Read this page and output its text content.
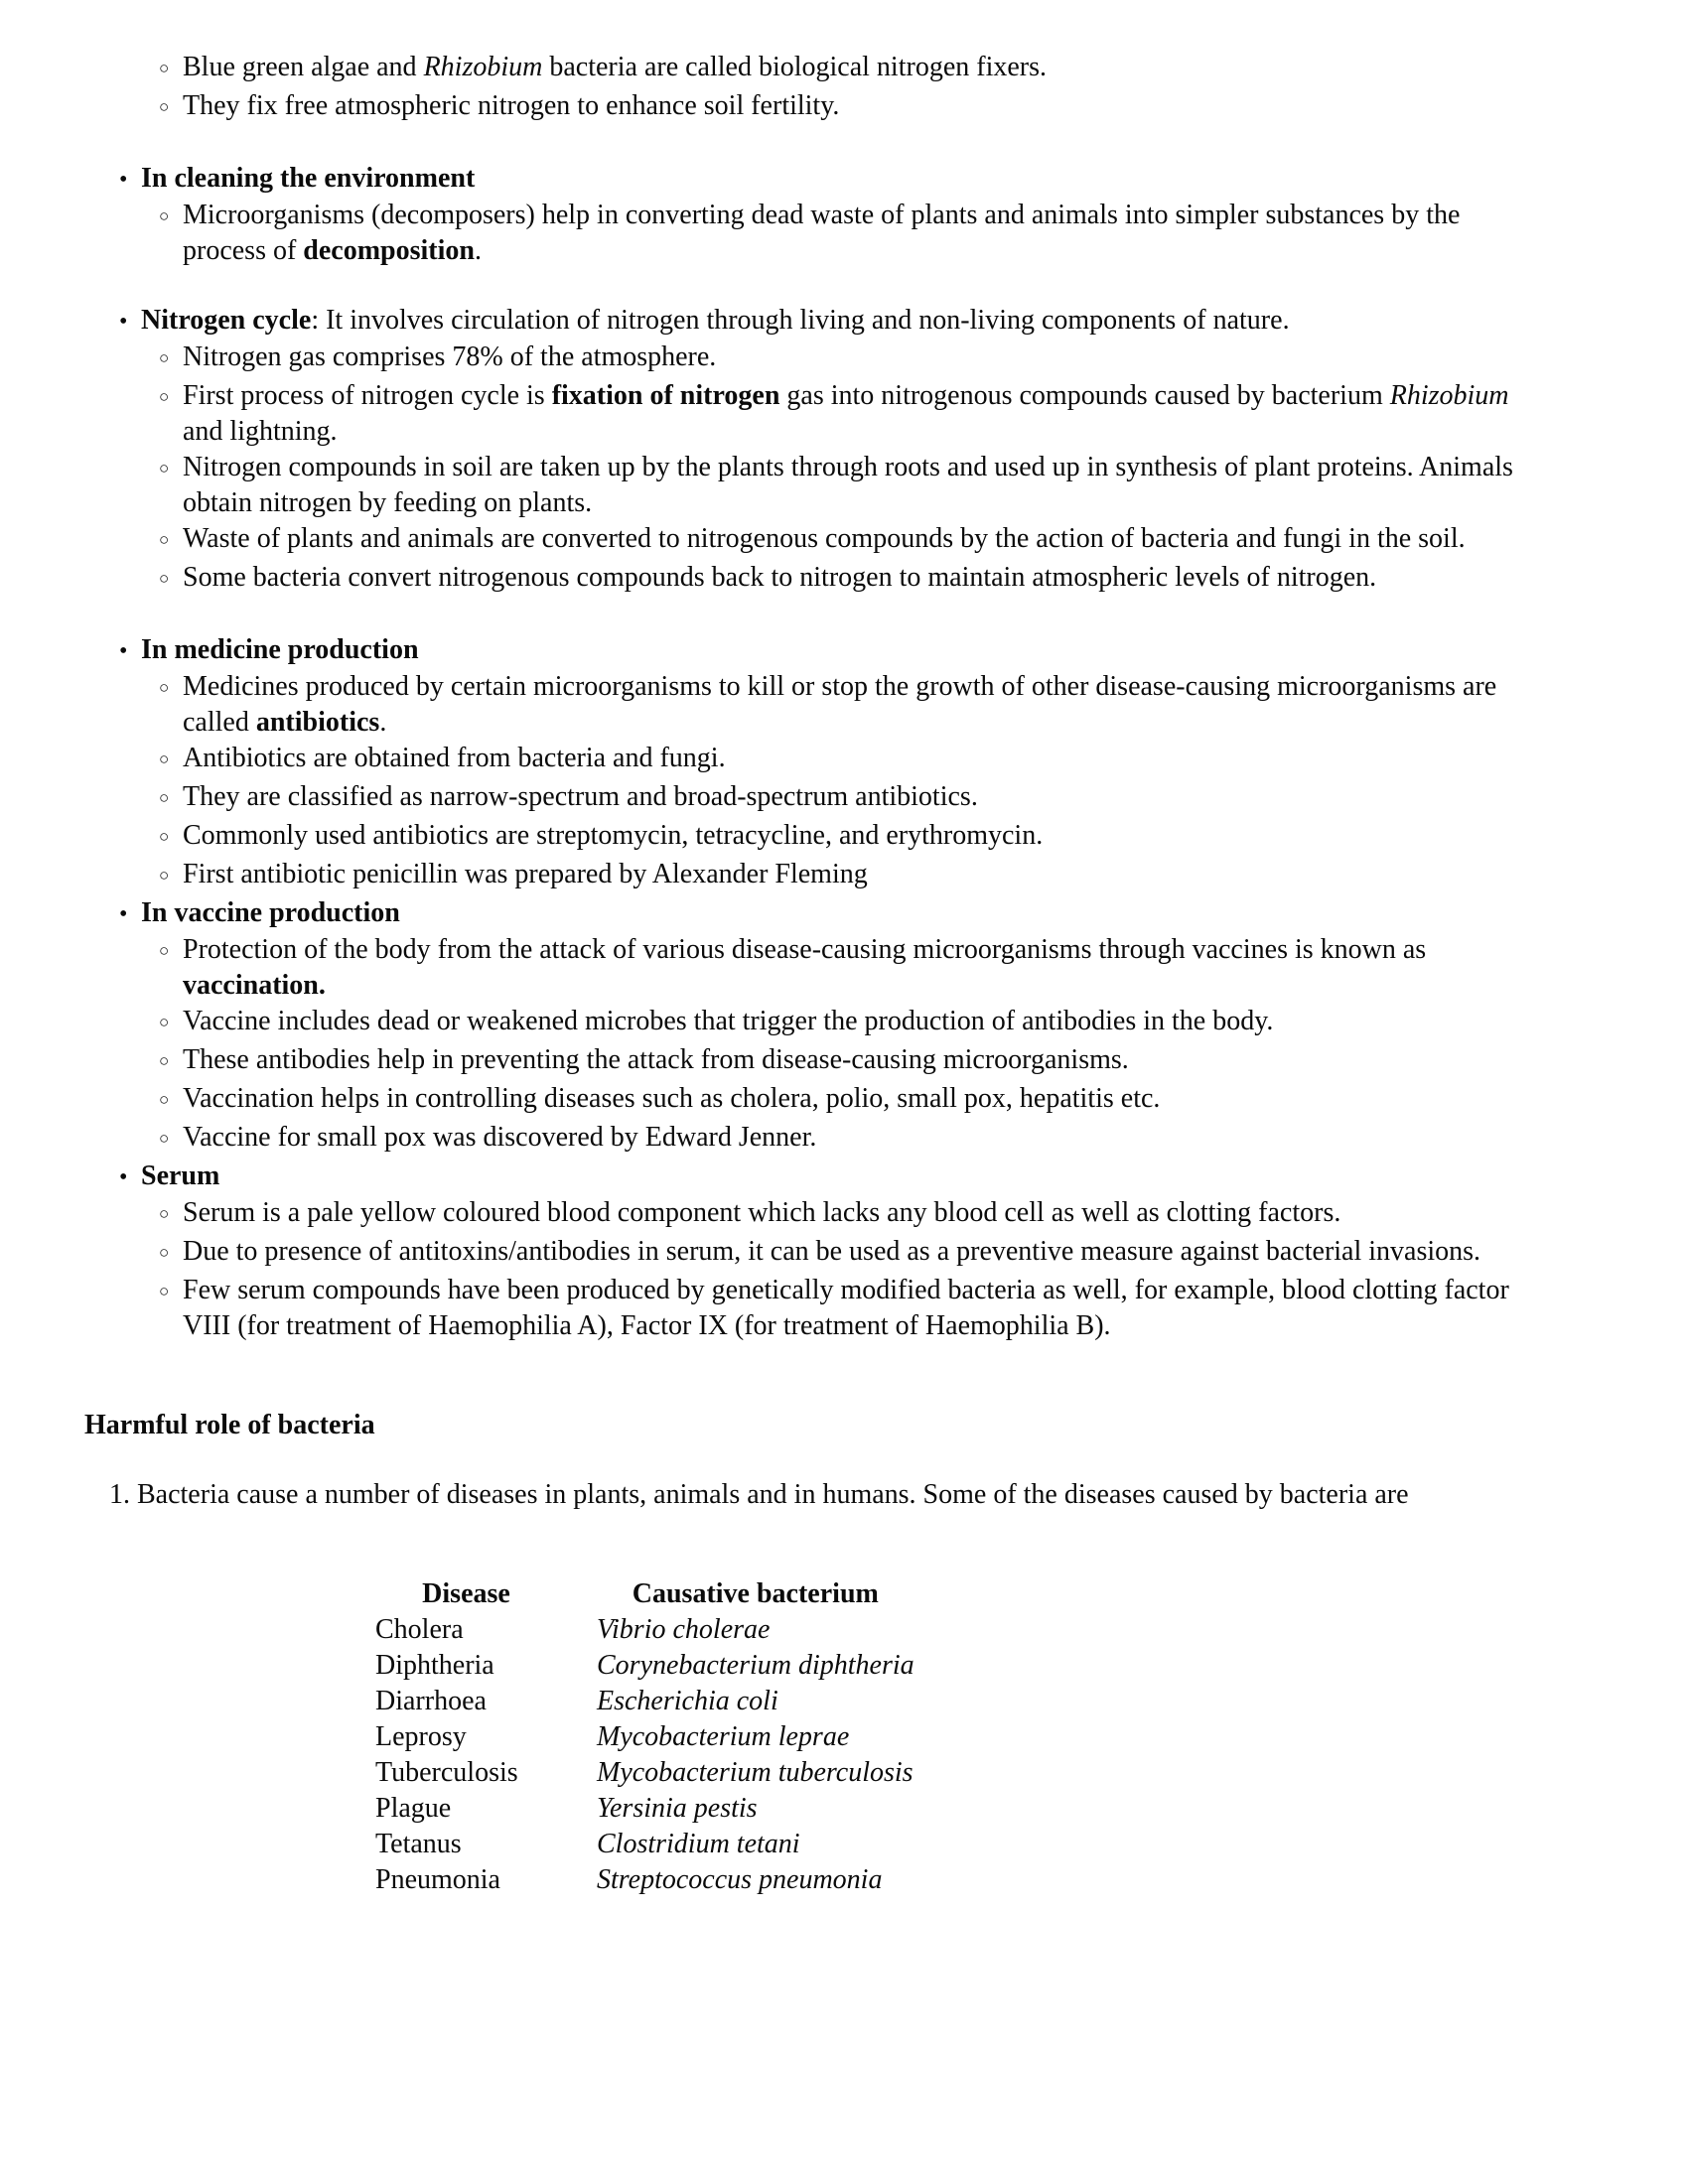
○ Blue green algae and Rhizobium bacteria are called biological nitrogen fixers.
○ They fix free atmospheric nitrogen to enhance soil fertility.
• In cleaning the environment
○ Microorganisms (decomposers) help in converting dead waste of plants and animals into simpler substances by the process of decomposition.
• Nitrogen cycle: It involves circulation of nitrogen through living and non-living components of nature.
○ Nitrogen gas comprises 78% of the atmosphere.
○ First process of nitrogen cycle is fixation of nitrogen gas into nitrogenous compounds caused by bacterium Rhizobium and lightning.
○ Nitrogen compounds in soil are taken up by the plants through roots and used up in synthesis of plant proteins. Animals obtain nitrogen by feeding on plants.
○ Waste of plants and animals are converted to nitrogenous compounds by the action of bacteria and fungi in the soil.
○ Some bacteria convert nitrogenous compounds back to nitrogen to maintain atmospheric levels of nitrogen.
• In medicine production
○ Medicines produced by certain microorganisms to kill or stop the growth of other disease-causing microorganisms are called antibiotics.
○ Antibiotics are obtained from bacteria and fungi.
○ They are classified as narrow-spectrum and broad-spectrum antibiotics.
○ Commonly used antibiotics are streptomycin, tetracycline, and erythromycin.
○ First antibiotic penicillin was prepared by Alexander Fleming
• In vaccine production
○ Protection of the body from the attack of various disease-causing microorganisms through vaccines is known as vaccination.
○ Vaccine includes dead or weakened microbes that trigger the production of antibodies in the body.
○ These antibodies help in preventing the attack from disease-causing microorganisms.
○ Vaccination helps in controlling diseases such as cholera, polio, small pox, hepatitis etc.
○ Vaccine for small pox was discovered by Edward Jenner.
• Serum
○ Serum is a pale yellow coloured blood component which lacks any blood cell as well as clotting factors.
○ Due to presence of antitoxins/antibodies in serum, it can be used as a preventive measure against bacterial invasions.
○ Few serum compounds have been produced by genetically modified bacteria as well, for example, blood clotting factor VIII (for treatment of Haemophilia A), Factor IX (for treatment of Haemophilia B).
Harmful role of bacteria
1. Bacteria cause a number of diseases in plants, animals and in humans. Some of the diseases caused by bacteria are
Disease	Causative bacterium
Cholera	Vibrio cholerae
Diphtheria	Corynebacterium diphtheria
Diarrhoea	Escherichia coli
Leprosy	Mycobacterium leprae
Tuberculosis	Mycobacterium tuberculosis
Plague	Yersinia pestis
Tetanus	Clostridium tetani
Pneumonia	Streptococcus pneumonia
